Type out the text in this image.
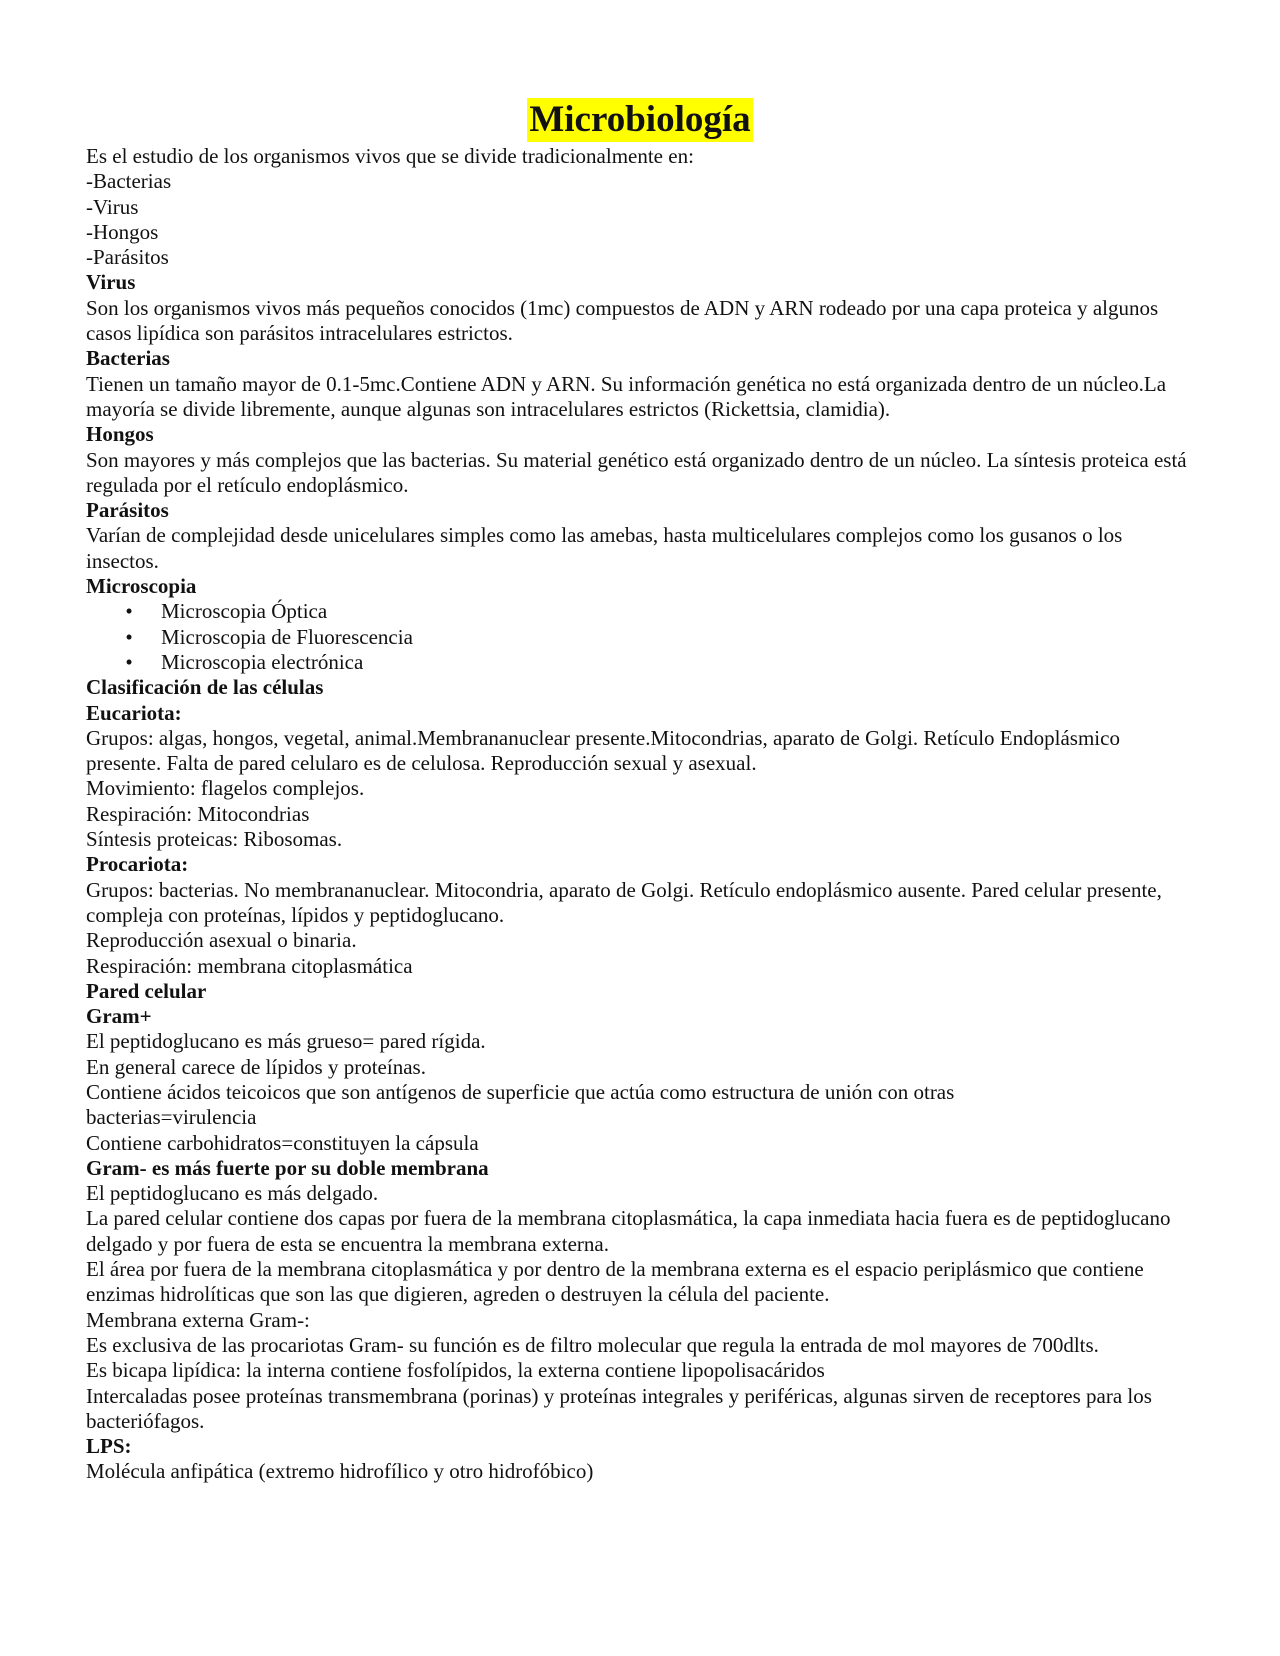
Microbiología
Es el estudio de los organismos vivos que se divide tradicionalmente en:
-Bacterias
-Virus
-Hongos
-Parásitos
Virus
Son los organismos vivos más pequeños conocidos (1mc) compuestos de ADN y ARN rodeado por una capa proteica y algunos casos lipídica son parásitos intracelulares estrictos.
Bacterias
Tienen un tamaño mayor de 0.1-5mc.Contiene ADN y ARN. Su información genética no está organizada dentro de un núcleo.La mayoría se divide libremente, aunque algunas son intracelulares estrictos (Rickettsia, clamidia).
Hongos
Son mayores y más complejos que las bacterias. Su material genético está organizado dentro de un núcleo. La síntesis proteica está regulada por el retículo endoplásmico.
Parásitos
Varían de complejidad desde unicelulares simples como las amebas, hasta multicelulares complejos como los gusanos o los insectos.
Microscopia
• Microscopia Óptica
• Microscopia de Fluorescencia
• Microscopia electrónica
Clasificación de las células
Eucariota:
Grupos: algas, hongos, vegetal, animal.Membrananuclear presente.Mitocondrias, aparato de Golgi. Retículo Endoplásmico presente. Falta de pared celularo es de celulosa. Reproducción sexual y asexual.
Movimiento: flagelos complejos.
Respiración: Mitocondrias
Síntesis proteicas: Ribosomas.
Procariota:
Grupos: bacterias. No membrananuclear. Mitocondria, aparato de Golgi. Retículo endoplásmico ausente. Pared celular presente, compleja con proteínas, lípidos y peptidoglucano.
Reproducción asexual o binaria.
Respiración: membrana citoplasmática
Pared celular
Gram+
El peptidoglucano es más grueso= pared rígida.
En general carece de lípidos y proteínas.
Contiene ácidos teicoicos que son antígenos de superficie que actúa como estructura de unión con otras bacterias=virulencia
Contiene carbohidratos=constituyen la cápsula
Gram- es más fuerte por su doble membrana
El peptidoglucano es más delgado.
La pared celular contiene dos capas por fuera de la membrana citoplasmática, la capa inmediata hacia fuera es de peptidoglucano delgado y por fuera de esta se encuentra la membrana externa.
El área por fuera de la membrana citoplasmática y por dentro de la membrana externa es el espacio periplásmico que contiene enzimas hidrolíticas que son las que digieren, agreden o destruyen la célula del paciente.
Membrana externa Gram-:
Es exclusiva de las procariotas Gram- su función es de filtro molecular que regula la entrada de mol mayores de 700dlts.
Es bicapa lipídica: la interna contiene fosfolípidos, la externa contiene lipopolisacáridos
Intercaladas posee proteínas transmembrana (porinas) y proteínas integrales y periféricas, algunas sirven de receptores para los bacteriófagos.
LPS:
Molécula anfipática (extremo hidrofílico y otro hidrofóbico)
